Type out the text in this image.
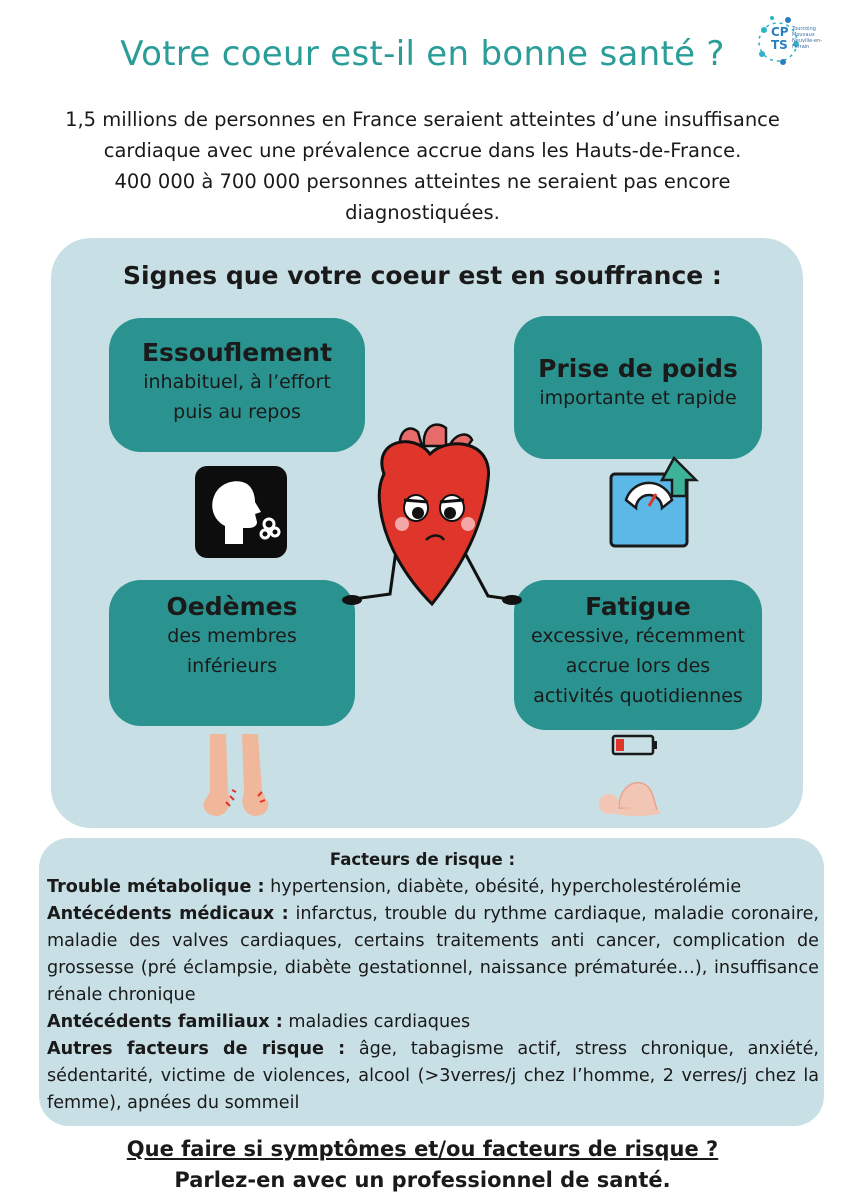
Votre coeur est-il en bonne santé ?
CP
TS
Tourcoing
Mouvaux
Neuville-en-Ferrain
1,5 millions de personnes en France seraient atteintes d’une insuffisance
cardiaque avec une prévalence accrue dans les Hauts-de-France.
400 000 à 700 000 personnes atteintes ne seraient pas encore
diagnostiquées.
Signes que votre coeur est en souffrance :
Essouflement
inhabituel, à l’effort
puis au repos
Prise de poids
importante et rapide
Oedèmes
des membres
inférieurs
Fatigue
excessive, récemment
accrue lors des
activités quotidiennes
Facteurs de risque :
Trouble métabolique : hypertension, diabète, obésité, hypercholestérolémie
Antécédents médicaux : infarctus, trouble du rythme cardiaque, maladie coronaire, maladie des valves cardiaques, certains traitements anti cancer, complication de grossesse (pré éclampsie, diabète gestationnel, naissance prématurée…), insuffisance rénale chronique
Antécédents familiaux : maladies cardiaques
Autres facteurs de risque : âge, tabagisme actif, stress chronique, anxiété, sédentarité, victime de violences, alcool (>3verres/j chez l’homme, 2 verres/j chez la femme), apnées du sommeil
Que faire si symptômes et/ou facteurs de risque ?
Parlez-en avec un professionnel de santé.
